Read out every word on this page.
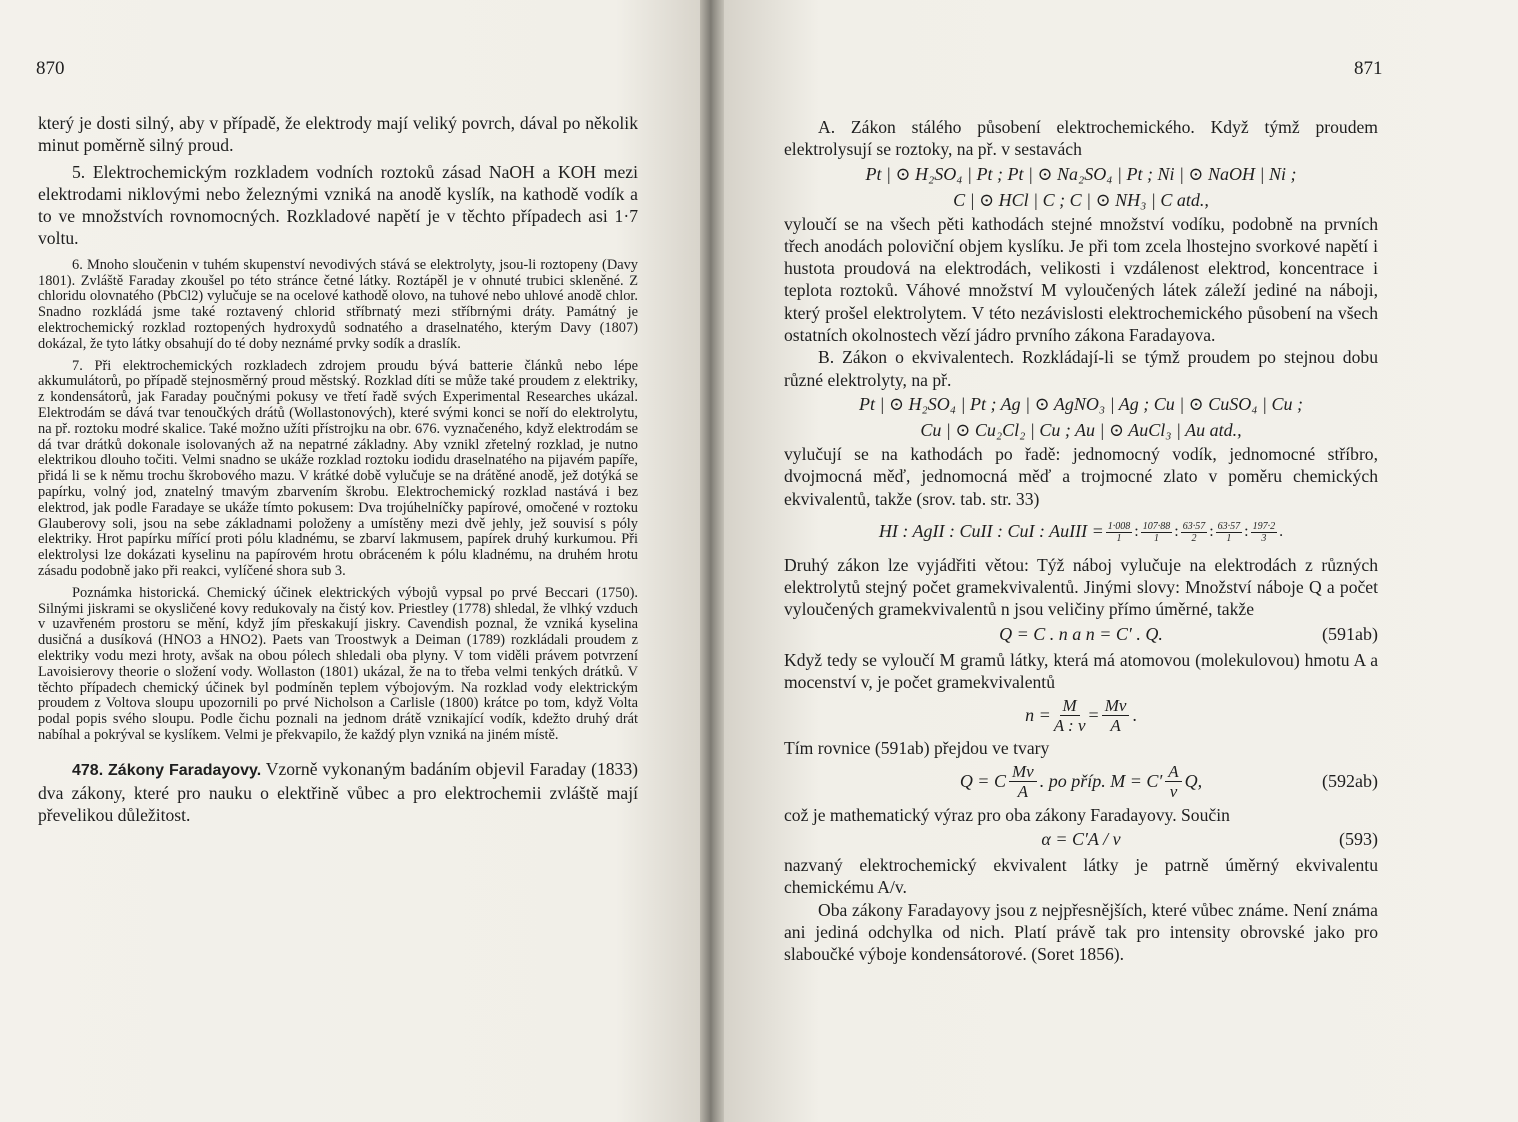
870

který je dosti silný, aby v případě, že elektrody mají veliký povrch, dával po několik minut poměrně silný proud.

5. Elektrochemickým rozkladem vodních roztoků zásad NaOH a KOH mezi elektrodami niklovými nebo železnými vzniká na anodě kyslík, na kathodě vodík a to ve množstvích rovnomocných. Rozkladové napětí je v těchto případech asi 1·7 voltu.

6. Mnoho sloučenin v tuhém skupenství nevodivých stává se elektrolyty, jsou-li roztopeny (Davy 1801). Zvláště Faraday zkoušel po této stránce četné látky. Roztápěl je v ohnuté trubici skleněné. Z chloridu olovnatého (PbCl2) vylučuje se na ocelové kathodě olovo, na tuhové nebo uhlové anodě chlor. Snadno rozkládá jsme také roztavený chlorid stříbrnatý mezi stříbrnými dráty. Památný je elektrochemický rozklad roztopených hydroxydů sodnatého a draselnatého, kterým Davy (1807) dokázal, že tyto látky obsahují do té doby neznámé prvky sodík a draslík.

7. Při elektrochemických rozkladech zdrojem proudu bývá batterie článků nebo lépe akkumulátorů, po případě stejnosměrný proud městský. Rozklad díti se může také proudem z elektriky, z kondensátorů, jak Faraday poučnými pokusy ve třetí řadě svých Experimental Researches ukázal. Elektrodám se dává tvar tenoučkých drátů (Wollastonových), které svými konci se noří do elektrolytu, na př. roztoku modré skalice. Také možno užíti přístrojku na obr. 676. vyznačeného, když elektrodám se dá tvar drátků dokonale isolovaných až na nepatrné základny. Aby vznikl zřetelný rozklad, je nutno elektrikou dlouho točiti. Velmi snadno se ukáže rozklad roztoku iodidu draselnatého na pijavém papíře, přidá li se k němu trochu škrobového mazu. V krátké době vylučuje se na drátěné anodě, jež dotýká se papírku, volný jod, znatelný tmavým zbarvením škrobu. Elektrochemický rozklad nastává i bez elektrod, jak podle Faradaye se ukáže tímto pokusem: Dva trojúhelníčky papírové, omočené v roztoku Glauberovy soli, jsou na sebe základnami položeny a umístěny mezi dvě jehly, jež souvisí s póly elektriky. Hrot papírku mířící proti pólu kladnému, se zbarví lakmusem, papírek druhý kurkumou. Při elektrolysi lze dokázati kyselinu na papírovém hrotu obráceném k pólu kladnému, na druhém hrotu zásadu podobně jako při reakci, vylíčené shora sub 3.

Poznámka historická. Chemický účinek elektrických výbojů vypsal po prvé Beccari (1750). Silnými jiskrami se okysličené kovy redukovaly na čistý kov. Priestley (1778) shledal, že vlhký vzduch v uzavřeném prostoru se mění, když jím přeskakují jiskry. Cavendish poznal, že vzniká kyselina dusičná a dusíková (HNO3 a HNO2). Paets van Troostwyk a Deiman (1789) rozkládali proudem z elektriky vodu mezi hroty, avšak na obou pólech shledali oba plyny. V tom viděli právem potvrzení Lavoisierovy theorie o složení vody. Wollaston (1801) ukázal, že na to třeba velmi tenkých drátků. V těchto případech chemický účinek byl podmíněn teplem výbojovým. Na rozklad vody elektrickým proudem z Voltova sloupu upozornili po prvé Nicholson a Carlisle (1800) krátce po tom, když Volta podal popis svého sloupu. Podle čichu poznali na jednom drátě vznikající vodík, kdežto druhý drát nabíhal a pokrýval se kyslíkem. Velmi je překvapilo, že každý plyn vzniká na jiném místě.

478. Zákony Faradayovy. Vzorně vykonaným badáním objevil Faraday (1833) dva zákony, které pro nauku o elektřině vůbec a pro elektrochemii zvláště mají převelikou důležitost.

871

A. Zákon stálého působení elektrochemického. Když týmž proudem elektrolysují se roztoky, na př. v sestavách

Pt | ⊙ H₂SO₄ | Pt ; Pt | ⊙ Na₂SO₄ | Pt ; Ni | ⊙ NaOH | Ni ;
C | ⊙ HCl | C ; C | ⊙ NH₃ | C atd.,

vyloučí se na všech pěti kathodách stejné množství vodíku, podobně na prvních třech anodách poloviční objem kyslíku. Je při tom zcela lhostejno svorkové napětí i hustota proudová na elektrodách, velikosti i vzdálenost elektrod, koncentrace i teplota roztoků. Váhové množství M vyloučených látek záleží jediné na náboji, který prošel elektrolytem. V této nezávislosti elektrochemického působení na všech ostatních okolnostech vězí jádro prvního zákona Faradayova.

B. Zákon o ekvivalentech. Rozkládají-li se týmž proudem po stejnou dobu různé elektrolyty, na př.

Pt | ⊙ H₂SO₄ | Pt ; Ag | ⊙ AgNO₃ | Ag ; Cu | ⊙ CuSO₄ | Cu ;
Cu | ⊙ Cu₂Cl₂ | Cu ; Au | ⊙ AuCl₃ | Au atd.,

vylučují se na kathodách po řadě: jednomocný vodík, jednomocné stříbro, dvojmocná měď, jednomocná měď a trojmocné zlato v poměru chemických ekvivalentů, takže (srov. tab. str. 33)

HI : AgII : CuII : CuI : AuIII = $\frac{1\cdot 008}{1}$ : $\frac{107\cdot 88}{1}$ : $\frac{63\cdot 57}{2}$ : $\frac{63\cdot 57}{1}$ : $\frac{197\cdot 2}{3}$ .

Druhý zákon lze vyjádřiti větou: Týž náboj vylučuje na elektrodách z různých elektrolytů stejný počet gramekvivalentů. Jinými slovy: Množství náboje Q a počet vyloučených gramekvivalentů n jsou veličiny přímo úměrné, takže

Q = C . n a n = C′ . Q.	(591ab)

Když tedy se vyloučí M gramů látky, která má atomovou (molekulovou) hmotu A a mocenství v, je počet gramekvivalentů

$n = \frac{M}{A : v} = \frac{Mv}{A}$ .

Tím rovnice (591ab) přejdou ve tvary

Q = C $\frac{Mv}{A}$ . po příp. $M = C' \frac{A}{v} Q$,	(592ab)

což je mathematický výraz pro oba zákony Faradayovy. Součin

α = C′A / v	(593)

nazvaný elektrochemický ekvivalent látky je patrně úměrný ekvivalentu chemickému A/v.

Oba zákony Faradayovy jsou z nejpřesnějších, které vůbec známe. Není známa ani jediná odchylka od nich. Platí právě tak pro intensity obrovské jako pro slaboučké výboje kondensátorové. (Soret 1856).
